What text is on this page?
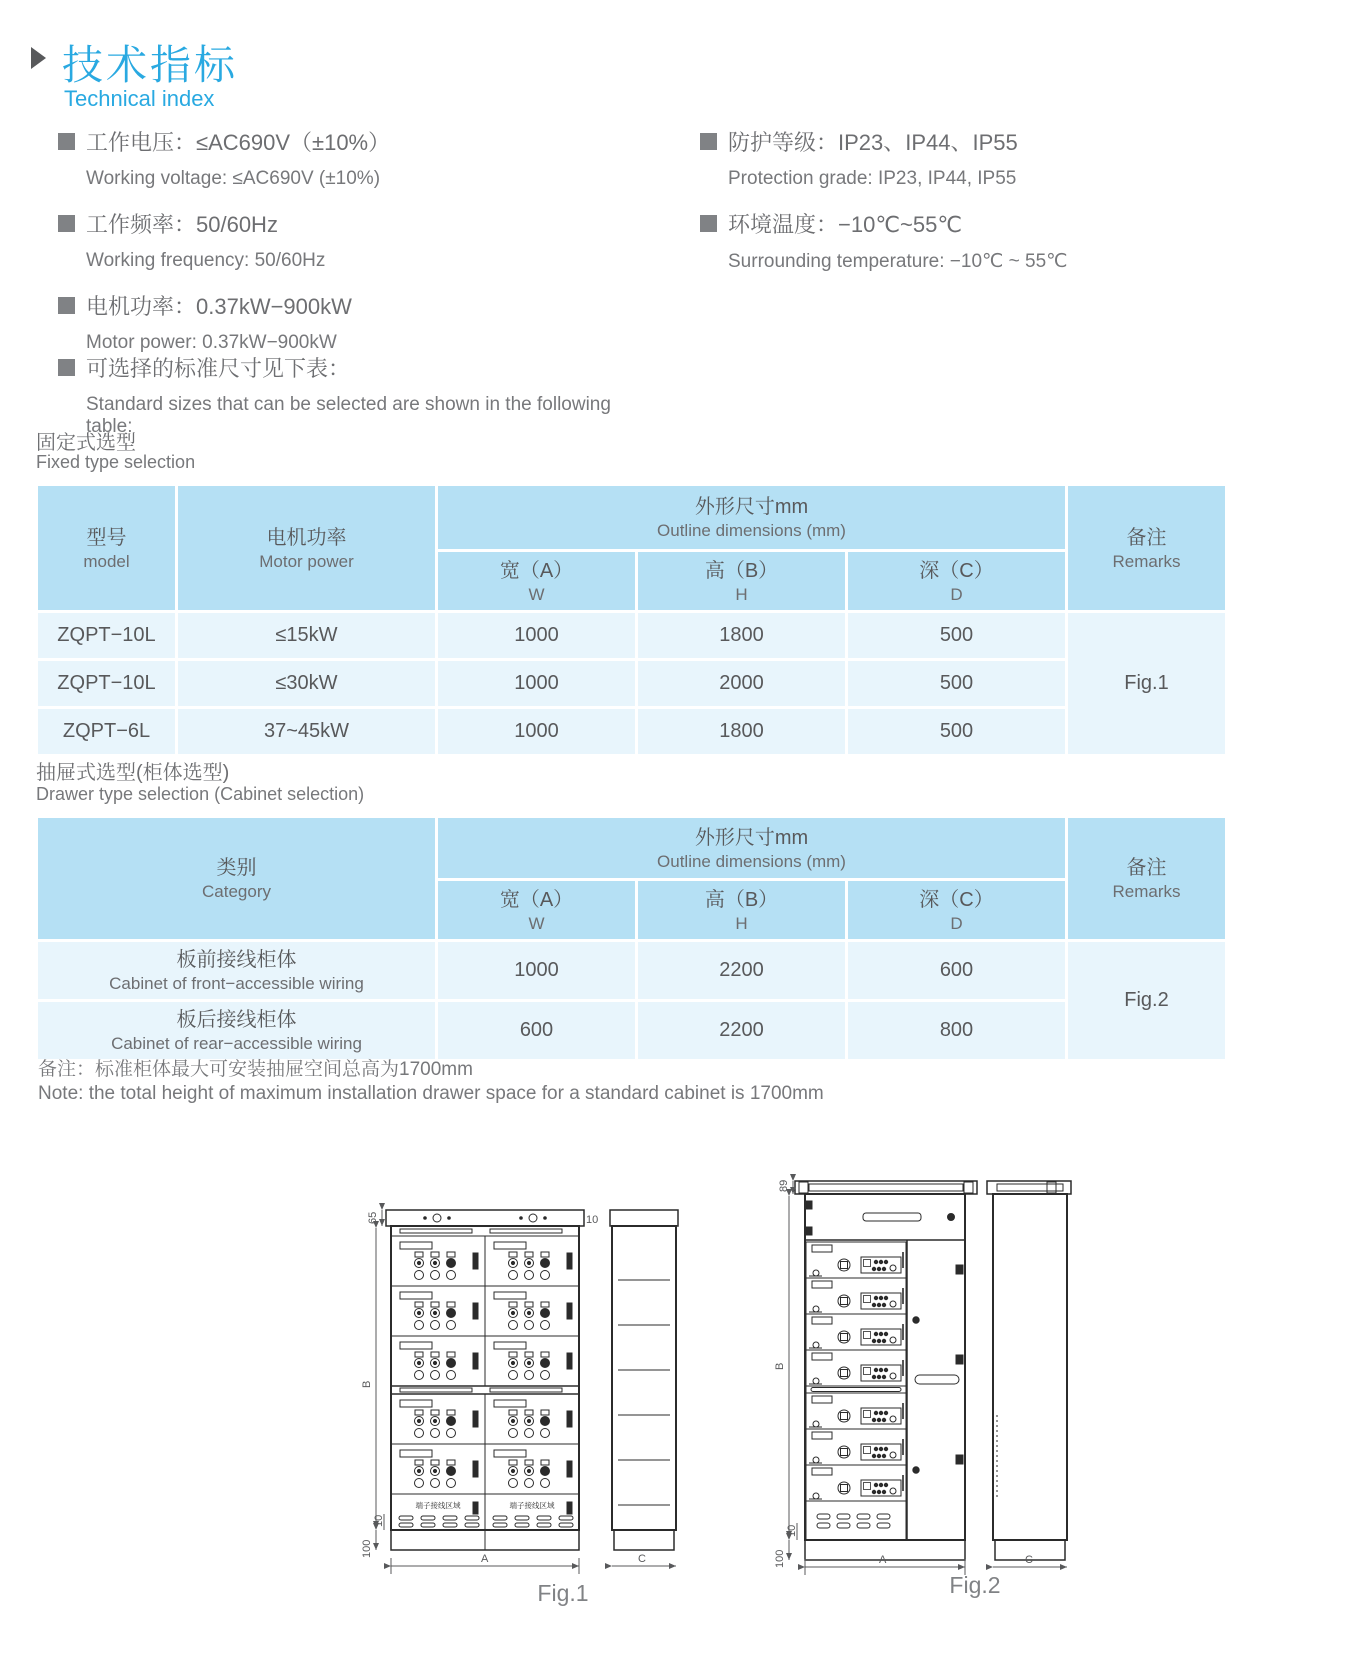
技术指标
Technical index
工作电压：≤AC690V（±10%）
Working voltage: ≤AC690V (±10%)
工作频率：50/60Hz
Working frequency: 50/60Hz
电机功率：0.37kW−900kW
Motor power: 0.37kW−900kW
防护等级：IP23、IP44、IP55
Protection grade: IP23, IP44, IP55
环境温度：−10℃~55℃
Surrounding temperature: −10℃ ~ 55℃
可选择的标准尺寸见下表：
Standard sizes that can be selected are shown in the following table:
固定式选型
Fixed type selection
型号
model	电机功率
Motor power	外形尺寸mm
Outline dimensions (mm)			备注
Remarks

		宽（A）
W	高（B）
H	深（C）
D	

ZQPT−10L	≤15kW	1000	1800	500	Fig.1
ZQPT−10L	≤30kW	1000	2000	500	
ZQPT−6L	37~45kW	1000	1800	500	
抽屉式选型(柜体选型)
Drawer type selection (Cabinet selection)
类别
Category	外形尺寸mm
Outline dimensions (mm)			备注
Remarks

	宽（A）
W	高（B）
H	深（C）
D	

板前接线柜体
Cabinet of front−accessible wiring	1000	2200	600	Fig.2

板后接线柜体
Cabinet of rear−accessible wiring	600	2200	800	
备注：标准柜体最大可安装抽屉空间总高为1700mm
Note: the total height of maximum installation drawer space for a standard cabinet is 1700mm
端子接线区域	端子接线区域
65	10
B
10
100
A	C
Fig.1
89
B
10
100	A	C
Fig.2
